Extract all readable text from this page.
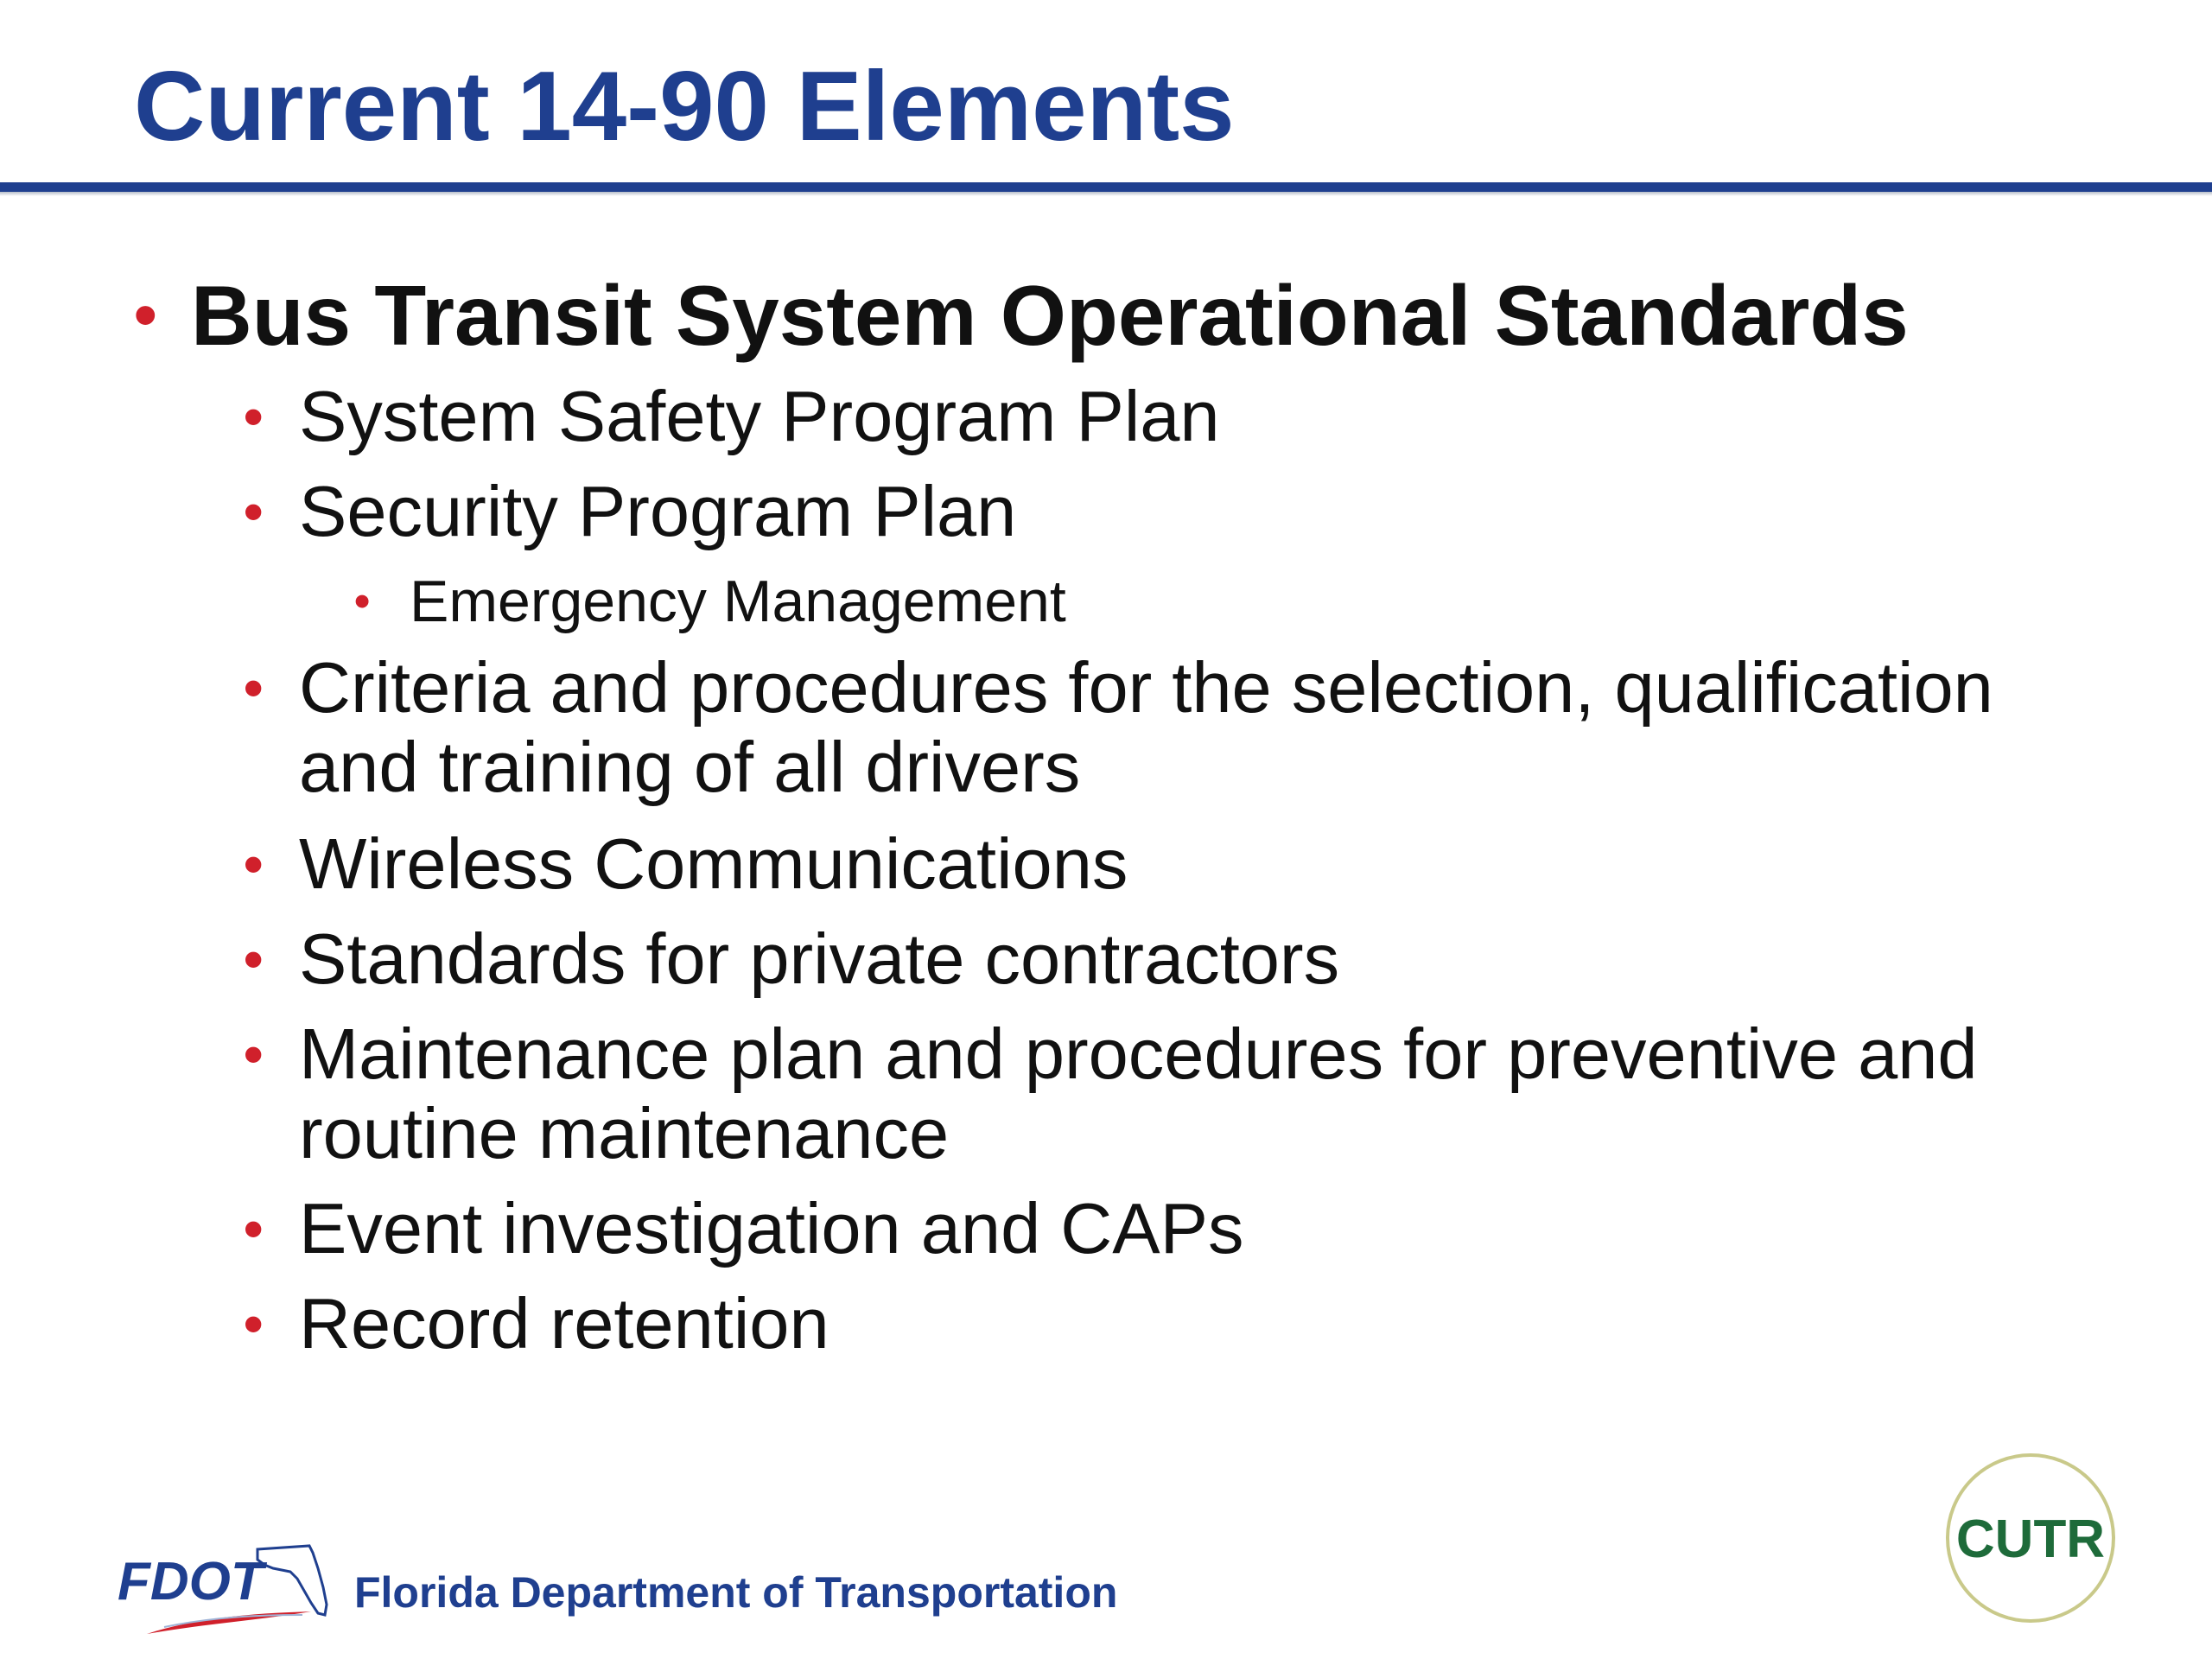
Current 14-90 Elements
• Bus Transit System Operational Standards
• System Safety Program Plan
• Security Program Plan
• Emergency Management
• Criteria and procedures for the selection, qualification and training of all drivers
• Wireless Communications
• Standards for private contractors
• Maintenance plan and procedures for preventive and routine maintenance
• Event investigation and CAPs
• Record retention
FDOT Florida Department of Transportation
CUTR
